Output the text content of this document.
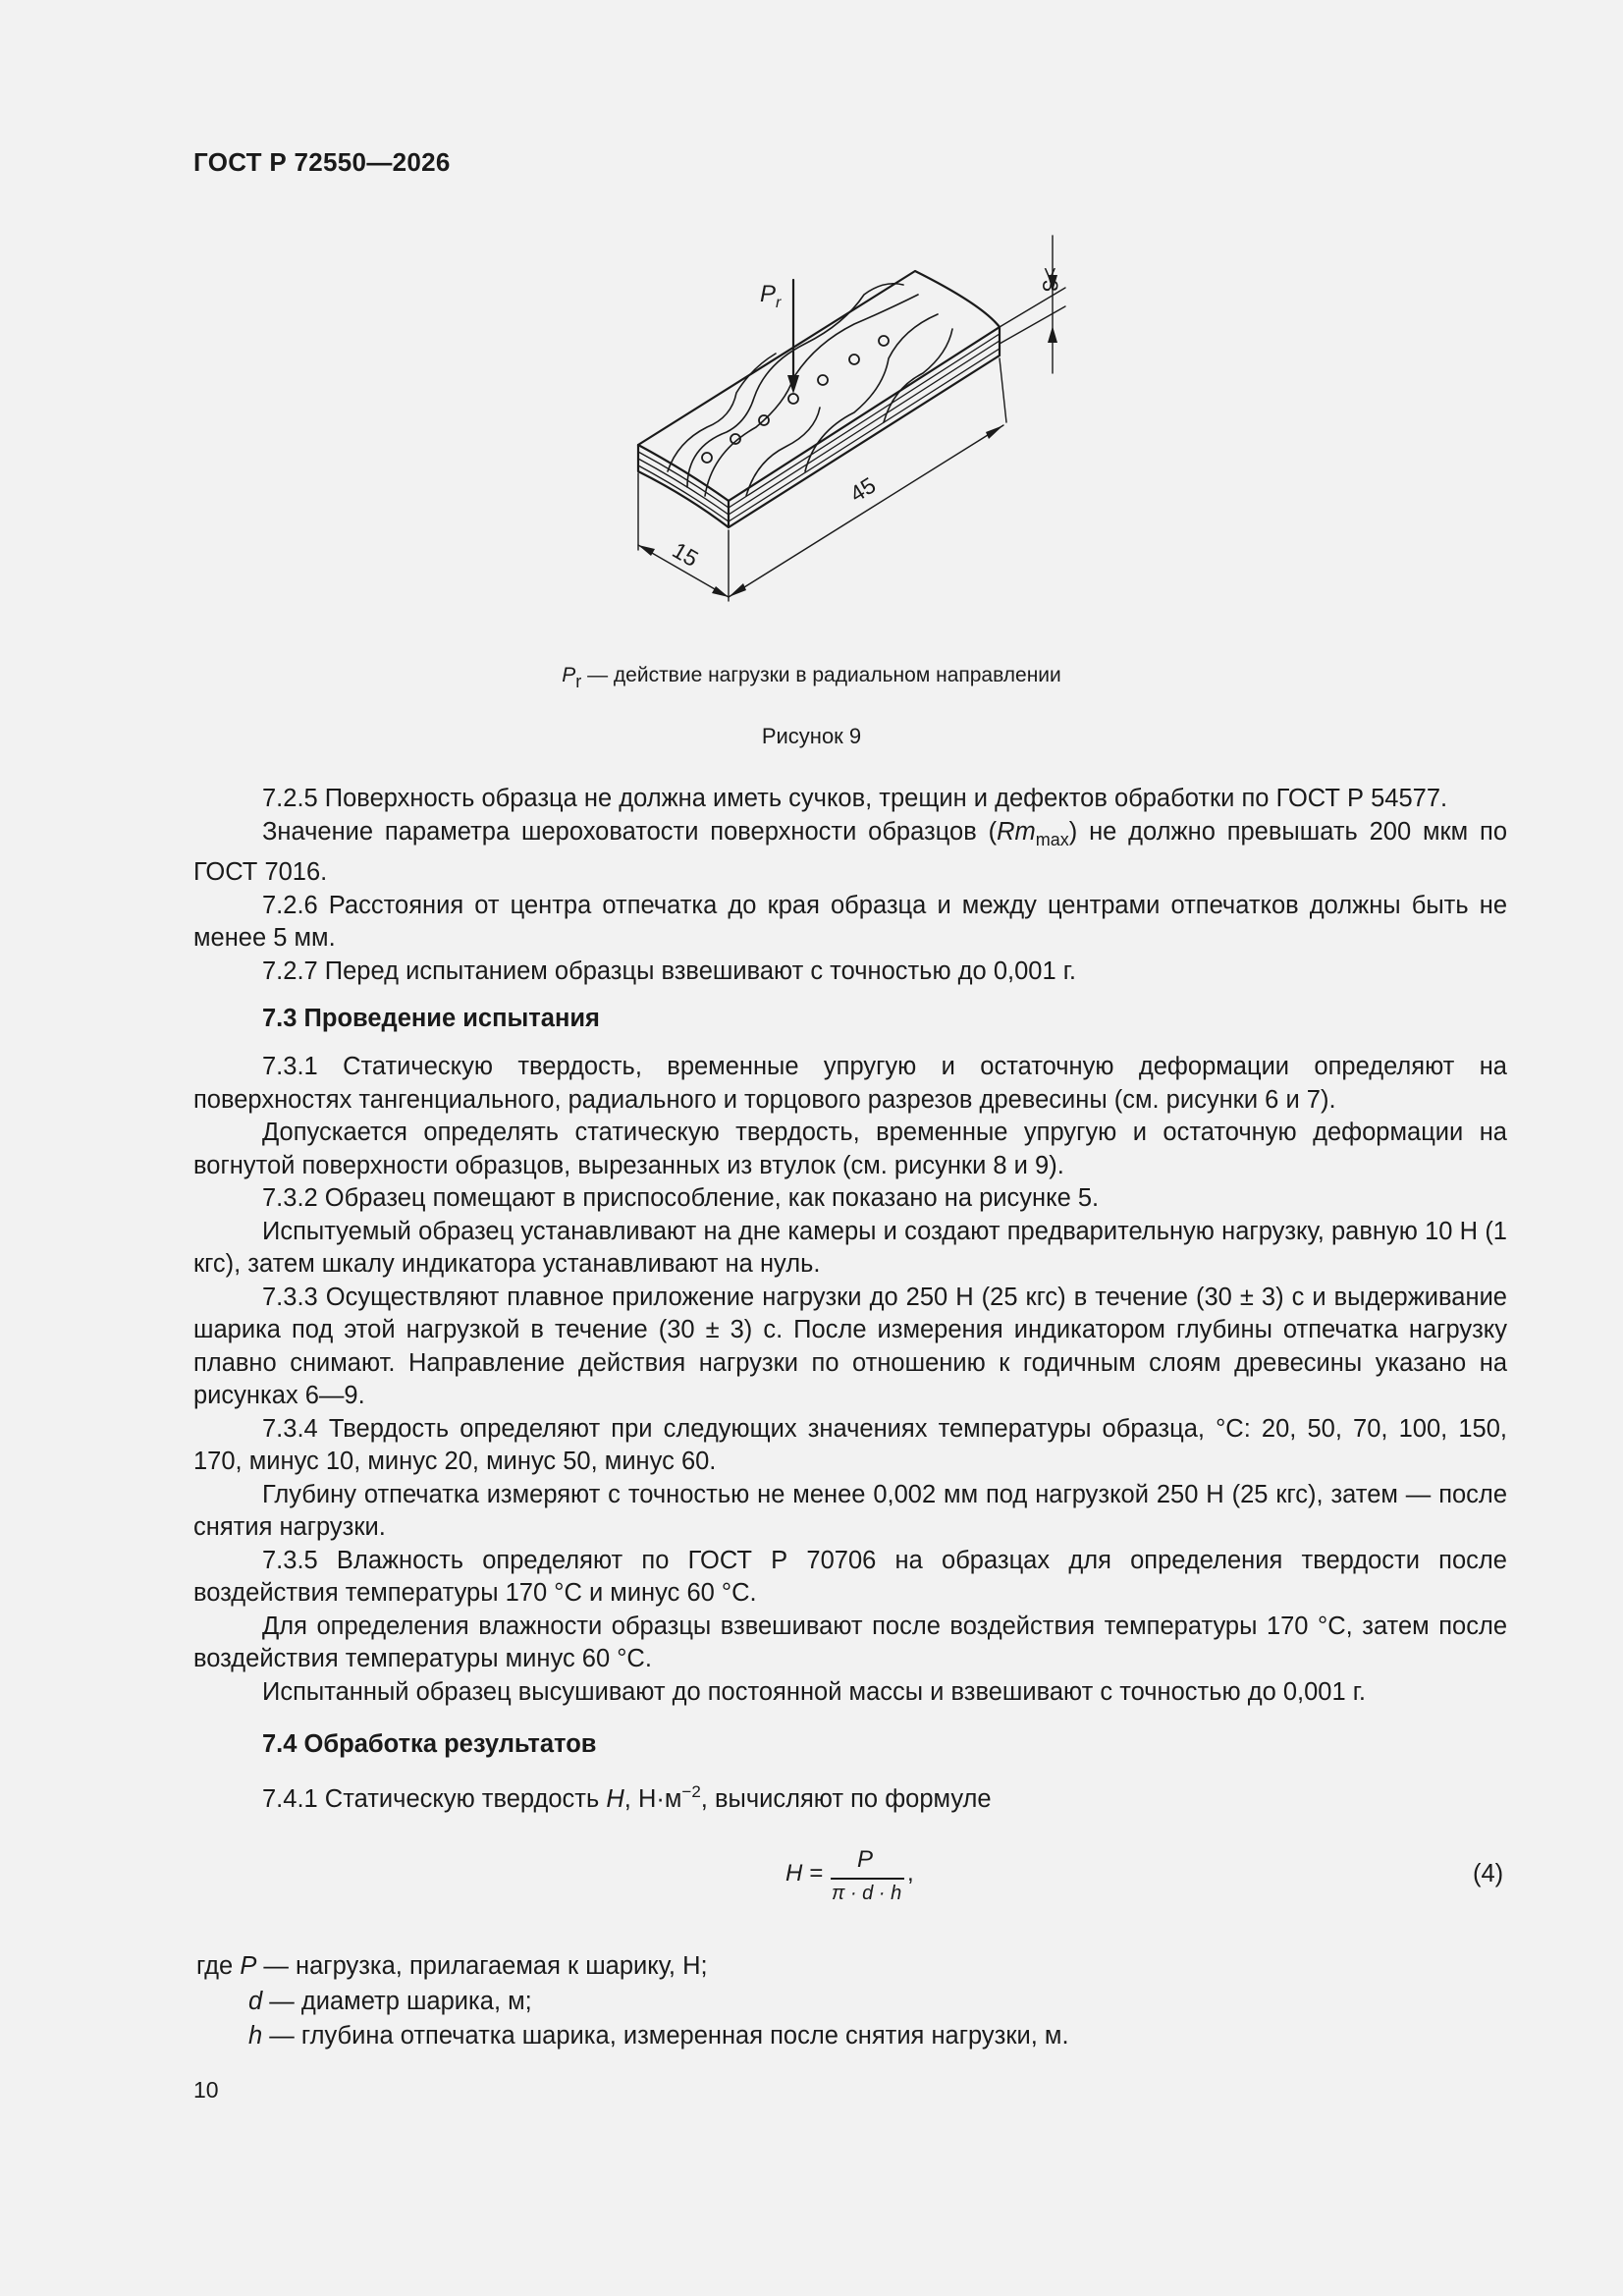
ГОСТ Р 72550—2026
$P_r$
45
15
>3
Pr — действие нагрузки в радиальном направлении
Рисунок 9

7.2.5 Поверхность образца не должна иметь сучков, трещин и дефектов обработки по ГОСТ Р 54577.

Значение параметра шероховатости поверхности образцов $(Rm_{max})$ не должно превышать 200 мкм по ГОСТ 7016.

7.2.6 Расстояния от центра отпечатка до края образца и между центрами отпечатков должны быть не менее 5 мм.

7.2.7 Перед испытанием образцы взвешивают с точностью до 0,001 г.

7.3 Проведение испытания

7.3.1 Статическую твердость, временные упругую и остаточную деформации определяют на поверхностях тангенциального, радиального и торцового разрезов древесины (см. рисунки 6 и 7).

Допускается определять статическую твердость, временные упругую и остаточную деформации на вогнутой поверхности образцов, вырезанных из втулок (см. рисунки 8 и 9).

7.3.2 Образец помещают в приспособление, как показано на рисунке 5.

Испытуемый образец устанавливают на дне камеры и создают предварительную нагрузку, равную 10 Н (1 кгс), затем шкалу индикатора устанавливают на нуль.

7.3.3 Осуществляют плавное приложение нагрузки до 250 Н (25 кгс) в течение (30 ± 3) с и выдерживание шарика под этой нагрузкой в течение (30 ± 3) с. После измерения индикатором глубины отпечатка нагрузку плавно снимают. Направление действия нагрузки по отношению к годичным слоям древесины указано на рисунках 6—9.

7.3.4 Твердость определяют при следующих значениях температуры образца, °С: 20, 50, 70, 100, 150, 170, минус 10, минус 20, минус 50, минус 60.

Глубину отпечатка измеряют с точностью не менее 0,002 мм под нагрузкой 250 Н (25 кгс), затем — после снятия нагрузки.

7.3.5 Влажность определяют по ГОСТ Р 70706 на образцах для определения твердости после воздействия температуры 170 °С и минус 60 °С.

Для определения влажности образцы взвешивают после воздействия температуры 170 °С, затем после воздействия температуры минус 60 °С.

Испытанный образец высушивают до постоянной массы и взвешивают с точностью до 0,001 г.

7.4 Обработка результатов

7.4.1 Статическую твердость H, $Н\cdot м^{-2}$, вычисляют по формуле

H =
P
π · d · h
,	(4)
где P — нагрузка, прилагаемая к шарику, Н;
d — диаметр шарика, м;
h — глубина отпечатка шарика, измеренная после снятия нагрузки, м.
10
